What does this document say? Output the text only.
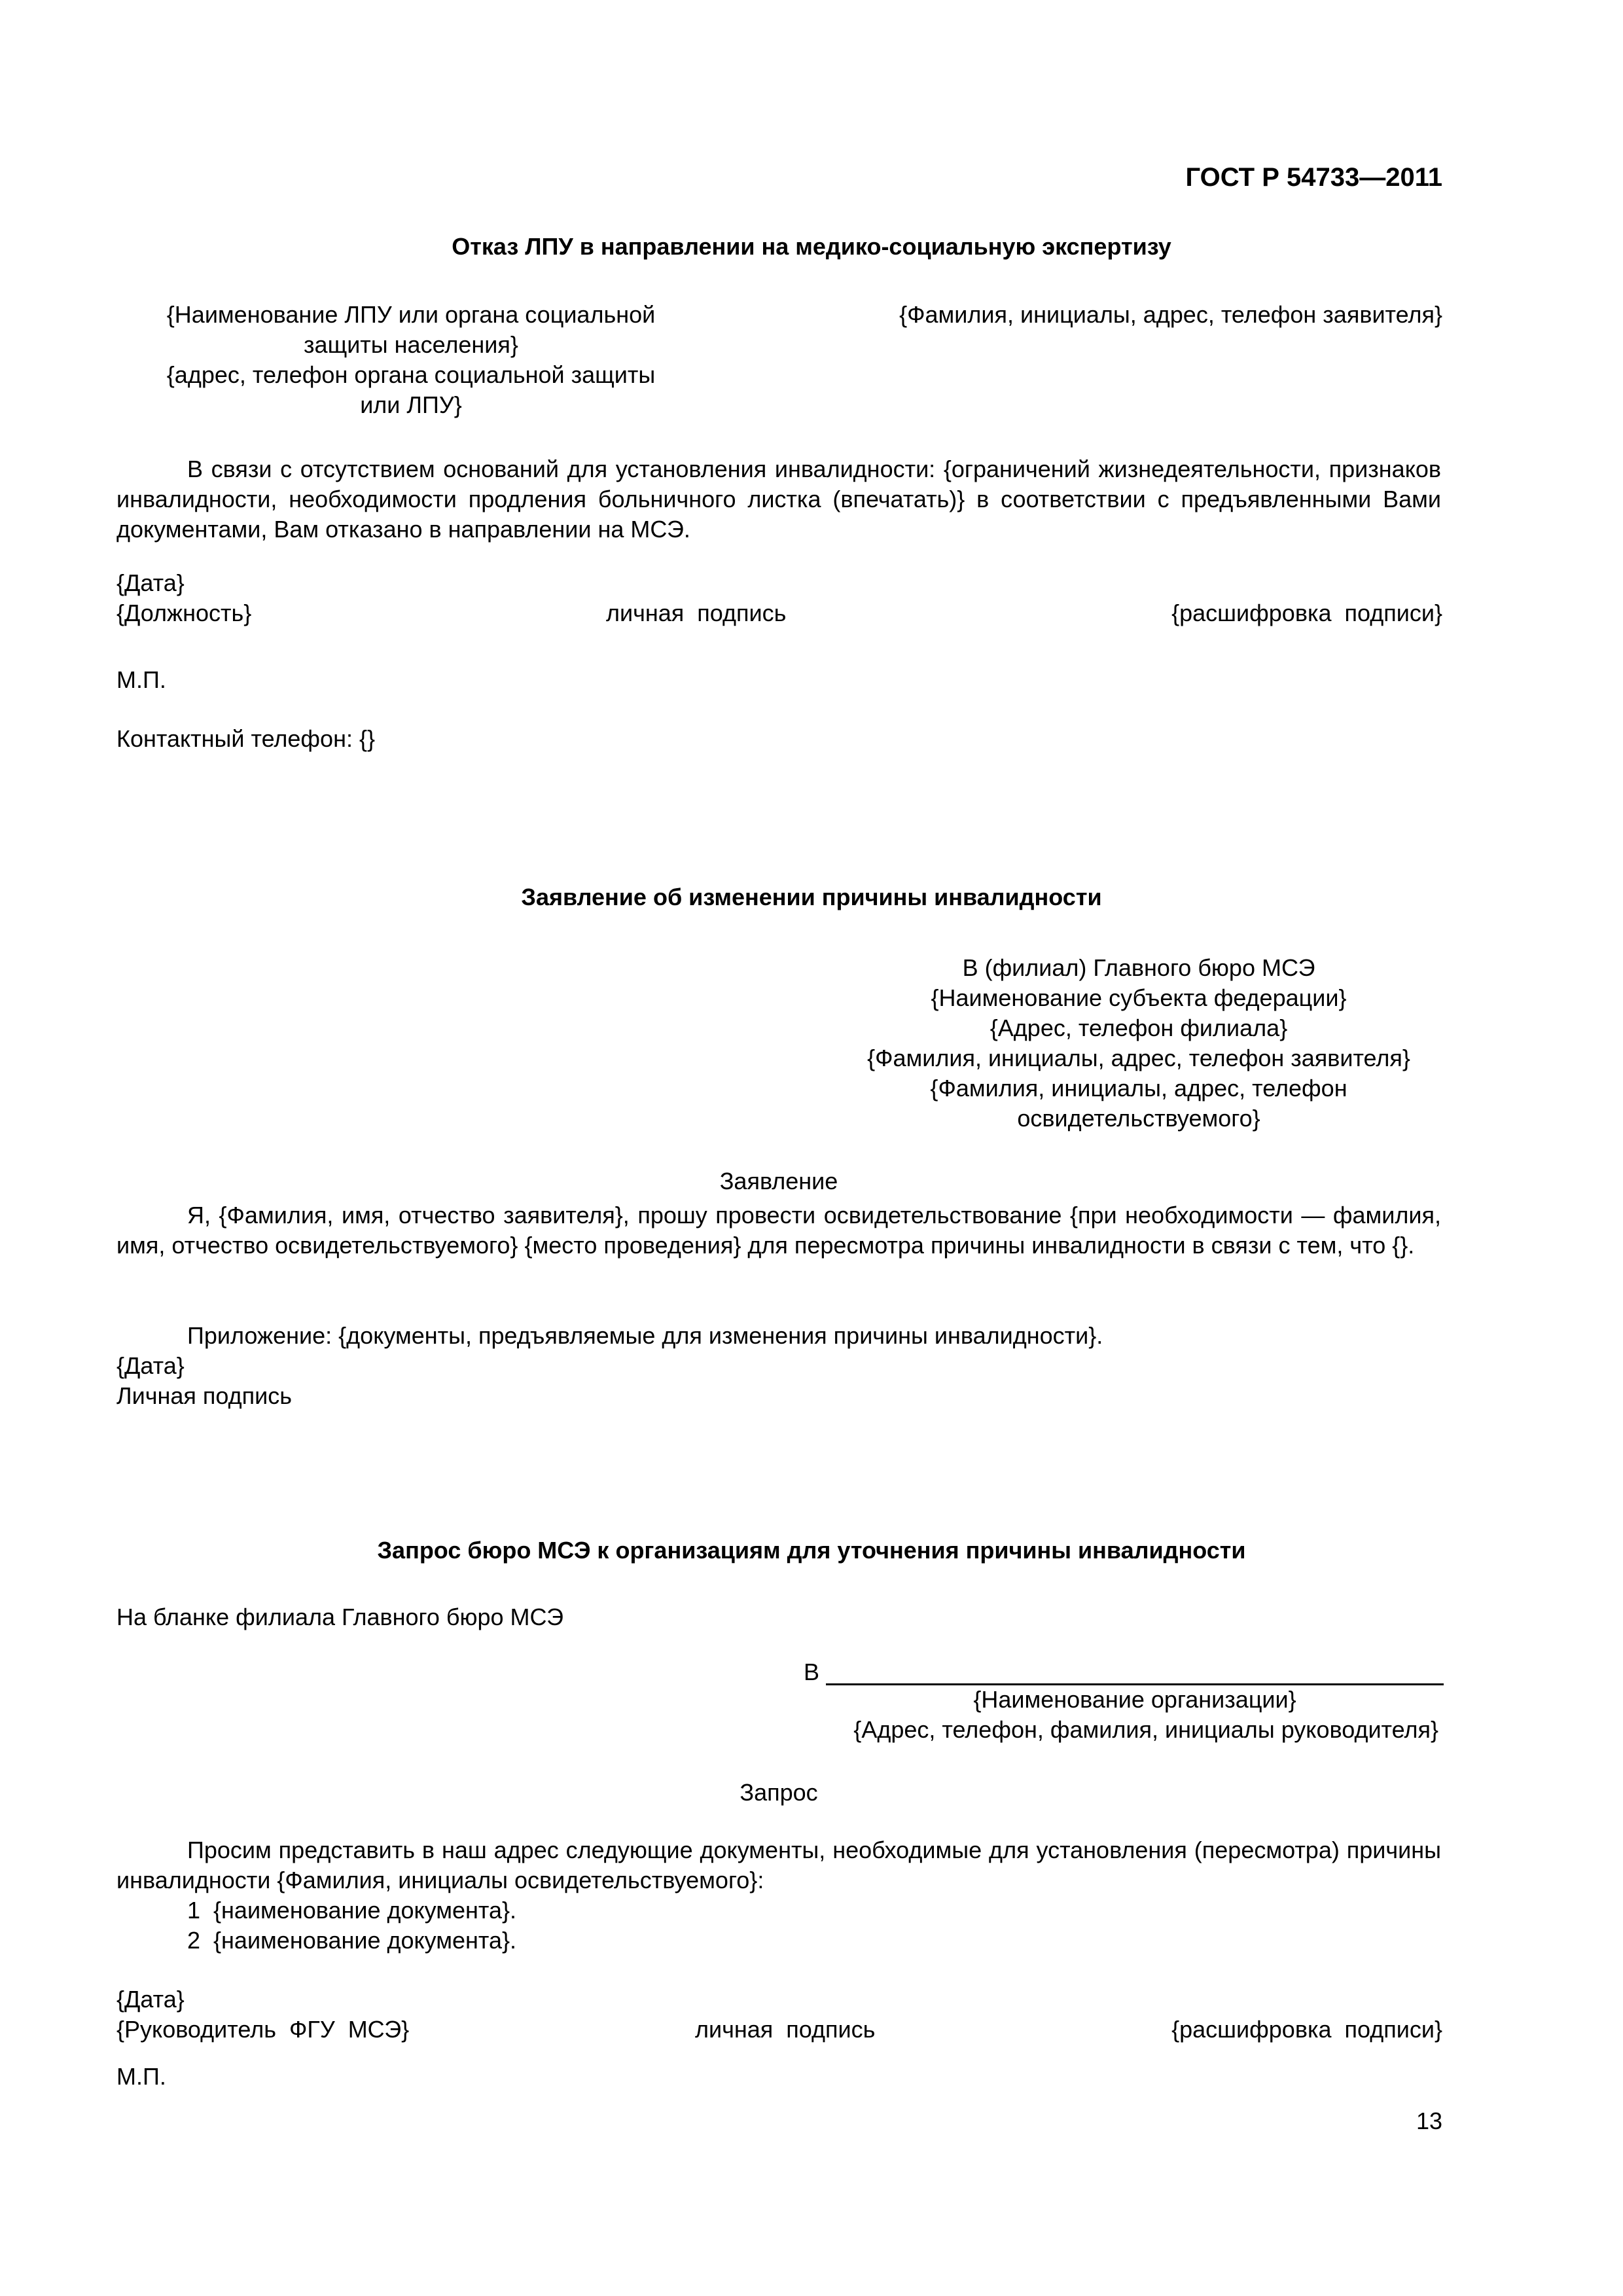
ГОСТ Р 54733—2011
Отказ ЛПУ в направлении на медико-социальную экспертизу
{Наименование ЛПУ или органа социальной
защиты населения}
{адрес, телефон органа социальной защиты
или ЛПУ}
{Фамилия, инициалы, адрес, телефон заявителя}
В связи с отсутствием оснований для установления инвалидности: {ограничений жизнедеятельности, признаков инвалидности, необходимости продления больничного листка (впечатать)} в соответствии с предъявленными Вами документами, Вам отказано в направлении на МСЭ.
{Дата}
{Должность}	личная  подпись	{расшифровка  подписи}
М.П.
Контактный телефон: {}
Заявление об изменении причины инвалидности
В (филиал) Главного бюро МСЭ
{Наименование субъекта федерации}
{Адрес, телефон филиала}
{Фамилия, инициалы, адрес, телефон заявителя}
{Фамилия, инициалы, адрес, телефон
освидетельствуемого}
Заявление
Я, {Фамилия, имя, отчество заявителя}, прошу провести освидетельствование {при необходимости — фамилия, имя, отчество освидетельствуемого} {место проведения} для пересмотра причины инвалидности в связи с тем, что {}.
Приложение: {документы, предъявляемые для изменения причины инвалидности}.
{Дата}
Личная подпись
Запрос бюро МСЭ к организациям для уточнения причины инвалидности
На бланке филиала Главного бюро МСЭ
В
{Наименование организации}
{Адрес, телефон, фамилия, инициалы руководителя}
Запрос
Просим представить в наш адрес следующие документы, необходимые для установления (пересмотра) причины инвалидности {Фамилия, инициалы освидетельствуемого}:
1  {наименование документа}.
2  {наименование документа}.
{Дата}
{Руководитель  ФГУ  МСЭ}	личная  подпись	{расшифровка  подписи}
М.П.
13
